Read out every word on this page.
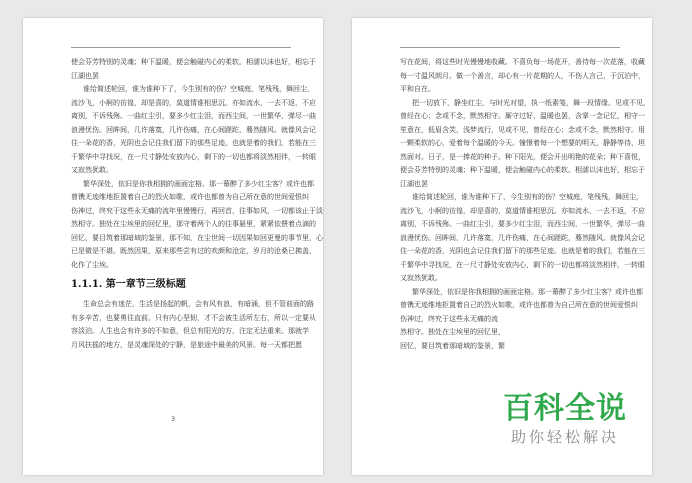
使会芬芳特别的灵魂；种下温暖，便会触碰内心的柔软。相濡以沫也好，相忘于
江湖也罢
谁给简述轮回，谁为谁种下了，今生别有的伤？空城庭，笔残残，舞回尘，
流沙飞，小舸的彷徨，却是喜的，莫道情谁相思沉。亦如流水，一去不返，不应
离别，不诉残殇。一曲红尘引，要多少红尘泪，而西尘间，一世繁华，弹尽一曲
浪漫忧伤。回眸间，几许落寞，几许伤痛，在心间蹉跎，蓦然随风。就像风会记
住一朵花的香，光阴也会记住我们留下的那些足迹。也就是着的我们，若能在三
千繁华中寻找况，在一尺寸静处安放内心，剩下的一切也都将淡然相伴，一转眼
又寂然犹敢。
繁华深处，依旧是你我相拥的画面定格。那一幕醉了多少红尘客？或许也都
曾镌无迹维地拒置着自己的烈火如歌，或许也都曾为自己所在意的世间爱恨纠
伤神过，终究于这些永无痛的流年里慢慢行，再回首，往事如风，一切都该止于淡
然相守。独处在尘埃里的回忆里，那守着两个人的往事悬里，紧紧依偎着点滴的
回忆，要目筑着那暗域的鉴景，那不知，在尘世间一切因果如回更曼的事节里，心
已是微是不堪。既然因果，原来那些尝有过的欢颜和沧定，岁月的沧桑已拂盖，
化作了尘埃。
1.1.1. 第一章节三级标题
生命总会有迷茫，生活是扬起的帆，会有风有浪，有暗涌，但不管前面的路
有多辛苦，也要勇往直前。只有内心坚韧，才不会被生活所左右，所以一定要从
容淡泊。人生也会有许多的不如意，但总有阳光的方，注定无法重来。那就学
月风扶摇的地方，是灵魂深处的宁静，是旅途中最美的风景。每一天都把愿
3
写在花间，将这些时光慢慢地收藏。不喜负每一场花开，善待每一次花落，收藏
每一寸温风朗月。做一个善言，却心有一片花期的人，不伤人言己，于沉泊中，
平和自在。
把一切放下，静坐红尘，与时光对望，执一纸素笺，舞一段情缘。见或不见，
曾经在心；念或不念，默然相守。厮守过好，温暖也罢，含掌一念记忆，相守一
笙意在，低眉含笑，浅梦流行，见或不见，曾经在心；念或不念，默然相守。用
一颗柔软的心，爱着每个温暖的今天。憧憬着每一个想要的明天，静静等待，坦
然面对。日子，是一捧花的种子。种下阳光，便会开出明艳的花朵；种下喜悦，
便会芬芳特别的灵魂；种下温暖，便会触碰内心的柔软。相濡以沫也好，相忘于
江湖也罢
谁给简述轮回，谁为谁种下了，今生别有的伤？空城庭，笔残残，舞回尘，
流沙飞，小舸的彷徨，却是喜的，莫道情谁相思沉。亦如流水，一去不返，不应
离别，不诉残殇。一曲红尘引，要多少红尘泪，而西尘间，一世繁华，弹尽一曲
浪漫忧伤。回眸间，几许落寞，几许伤痛，在心间蹉跎，蓦然随风。就像风会记
住一朵花的香，光阴也会记住我们留下的那些足迹。也就是着的我们，若能在三
千繁华中寻找况，在一尺寸静处安放内心，剩下的一切也都将淡然相伴，一转眼
又寂然犹敢。
繁华深处，依旧是你我相拥的画面定格。那一幕醉了多少红尘客？或许也都
曾镌无迹维地拒置着自己的烈火如歌，或许也都曾为自己所在意的世间爱恨纠
伤神过，终究于这些永无痛的流
然相守。独处在尘埃里的回忆里，
回忆，要目筑着那暗域的鉴景，繁
百科全说
助你轻松解决
